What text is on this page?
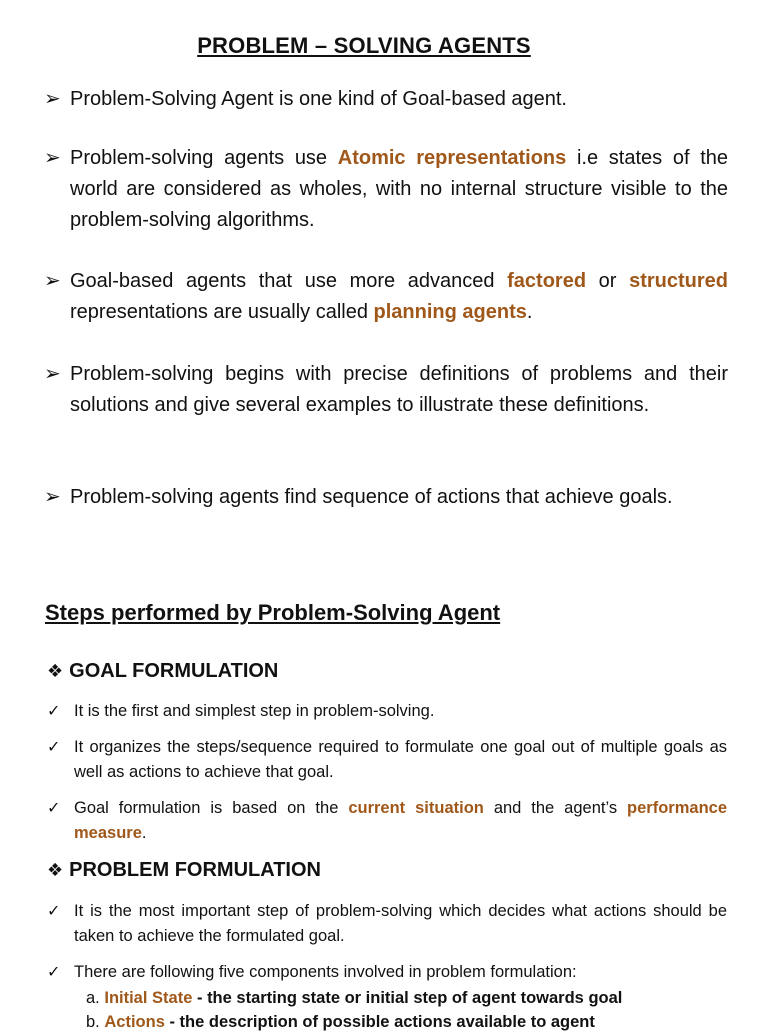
PROBLEM – SOLVING AGENTS
➢ Problem-Solving Agent is one kind of Goal-based agent.
➢ Problem-solving agents use Atomic representations i.e states of the world are considered as wholes, with no internal structure visible to the problem-solving algorithms.
➢ Goal-based agents that use more advanced factored or structured representations are usually called planning agents.
➢ Problem-solving begins with precise definitions of problems and their solutions and give several examples to illustrate these definitions.
➢ Problem-solving agents find sequence of actions that achieve goals.
Steps performed by Problem-Solving Agent
❖ GOAL FORMULATION
✓ It is the first and simplest step in problem-solving.
✓ It organizes the steps/sequence required to formulate one goal out of multiple goals as well as actions to achieve that goal.
✓ Goal formulation is based on the current situation and the agent’s performance measure.
❖ PROBLEM FORMULATION
✓ It is the most important step of problem-solving which decides what actions should be taken to achieve the formulated goal.
✓ There are following five components involved in problem formulation:
a. Initial State - the starting state or initial step of agent towards goal
b. Actions - the description of possible actions available to agent
